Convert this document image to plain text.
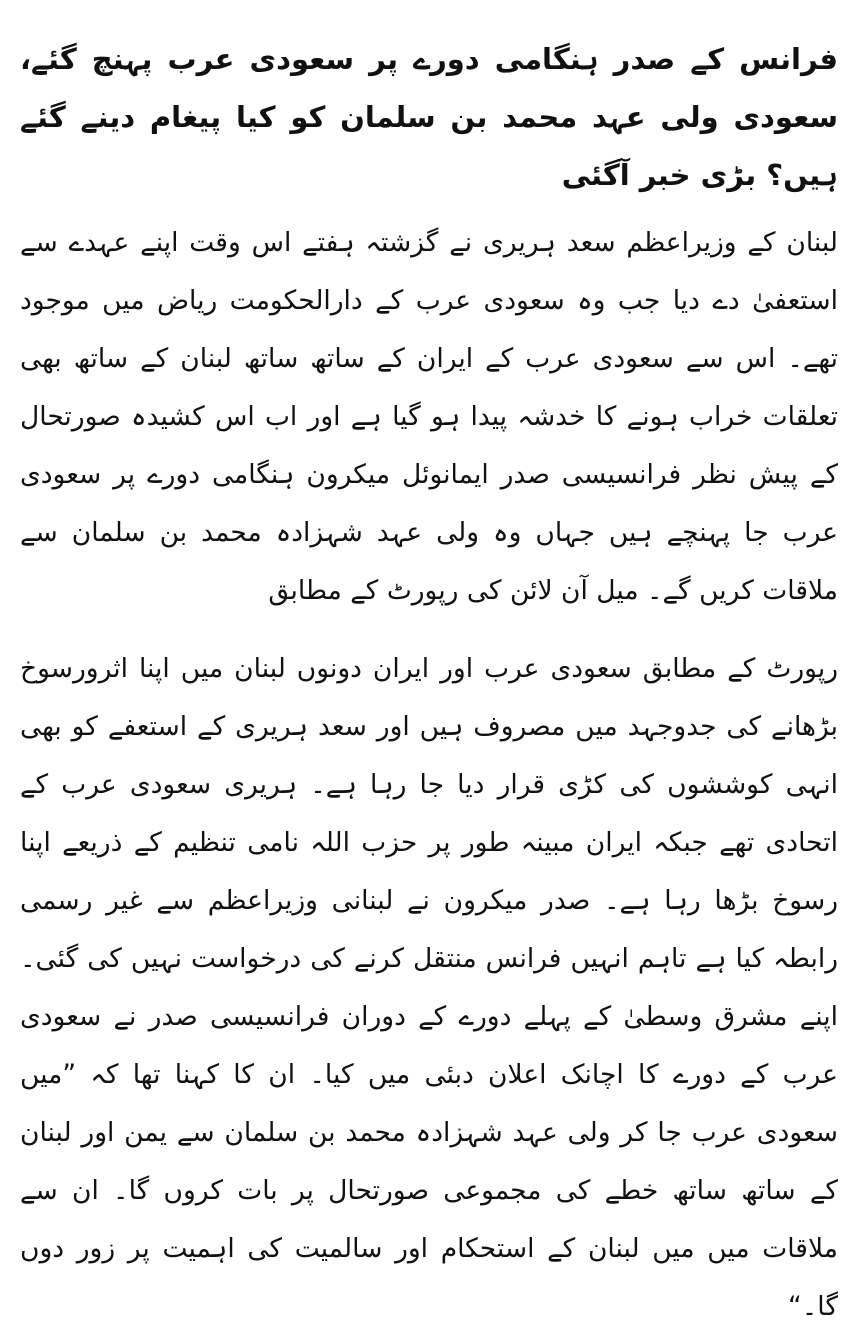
فرانس کے صدر ہنگامی دورے پر سعودی عرب پہنچ گئے، سعودی ولی عہد محمد بن سلمان کو کیا پیغام دینے گئے ہیں؟ بڑی خبر آگئی

لبنان کے وزیراعظم سعد ہریری نے گزشتہ ہفتے اس وقت اپنے عہدے سے استعفیٰ دے دیا جب وہ سعودی عرب کے دارالحکومت ریاض میں موجود تھے۔ اس سے سعودی عرب کے ایران کے ساتھ ساتھ لبنان کے ساتھ بھی تعلقات خراب ہونے کا خدشہ پیدا ہو گیا ہے اور اب اس کشیدہ صورتحال کے پیش نظر فرانسیسی صدر ایمانوئل میکرون ہنگامی دورے پر سعودی عرب جا پہنچے ہیں جہاں وہ ولی عہد شہزادہ محمد بن سلمان سے ملاقات کریں گے۔ میل آن لائن کی رپورٹ کے مطابق

رپورٹ کے مطابق سعودی عرب اور ایران دونوں لبنان میں اپنا اثرورسوخ بڑھانے کی جدوجہد میں مصروف ہیں اور سعد ہریری کے استعفے کو بھی انہی کوششوں کی کڑی قرار دیا جا رہا ہے۔ ہریری سعودی عرب کے اتحادی تھے جبکہ ایران مبینہ طور پر حزب اللہ نامی تنظیم کے ذریعے اپنا رسوخ بڑھا رہا ہے۔ صدر میکرون نے لبنانی وزیراعظم سے غیر رسمی رابطہ کیا ہے تاہم انہیں فرانس منتقل کرنے کی درخواست نہیں کی گئی۔ اپنے مشرق وسطیٰ کے پہلے دورے کے دوران فرانسیسی صدر نے سعودی عرب کے دورے کا اچانک اعلان دبئی میں کیا۔ ان کا کہنا تھا کہ ”میں سعودی عرب جا کر ولی عہد شہزادہ محمد بن سلمان سے یمن اور لبنان کے ساتھ ساتھ خطے کی مجموعی صورتحال پر بات کروں گا۔ ان سے ملاقات میں میں لبنان کے استحکام اور سالمیت کی اہمیت پر زور دوں گا۔“
